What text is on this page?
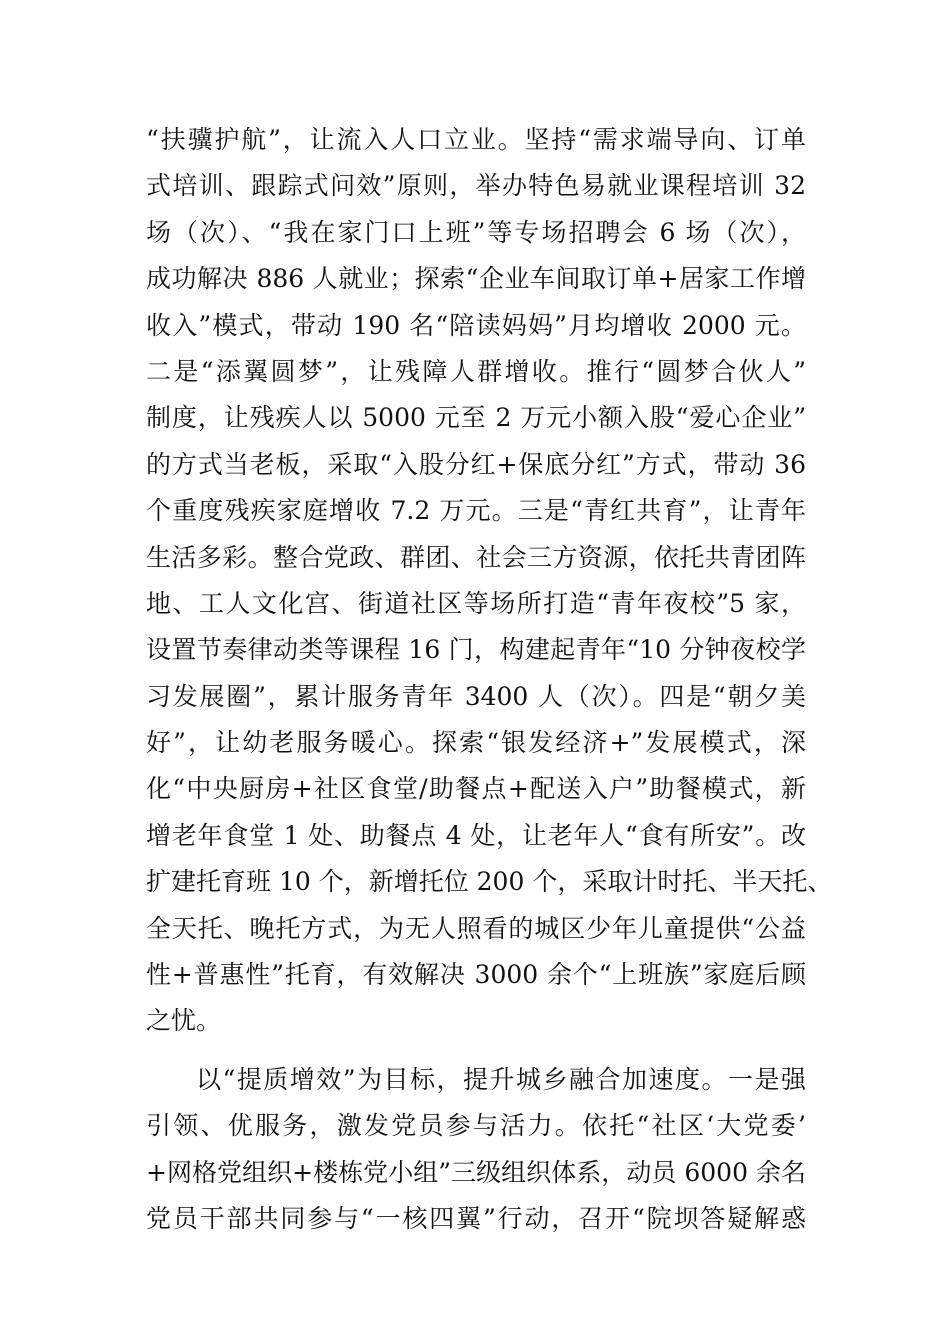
“扶骥护航”，让流入人口立业。坚持“需求端导向、订单
式培训、跟踪式问效”原则，举办特色易就业课程培训 32
场（次）、“我在家门口上班”等专场招聘会 6 场（次），
成功解决 886 人就业；探索“企业车间取订单+居家工作增
收入”模式，带动 190 名“陪读妈妈”月均增收 2000 元。
二是“添翼圆梦”，让残障人群增收。推行“圆梦合伙人”
制度，让残疾人以 5000 元至 2 万元小额入股“爱心企业”
的方式当老板，采取“入股分红+保底分红”方式，带动 36
个重度残疾家庭增收 7.2 万元。三是“青红共育”，让青年
生活多彩。整合党政、群团、社会三方资源，依托共青团阵
地、工人文化宫、街道社区等场所打造“青年夜校”5 家，
设置节奏律动类等课程 16 门，构建起青年“10 分钟夜校学
习发展圈”，累计服务青年 3400 人（次）。四是“朝夕美
好”，让幼老服务暖心。探索“银发经济+”发展模式，深
化“中央厨房+社区食堂/助餐点+配送入户”助餐模式，新
增老年食堂 1 处、助餐点 4 处，让老年人“食有所安”。改
扩建托育班 10 个，新增托位 200 个，采取计时托、半天托、
全天托、晚托方式，为无人照看的城区少年儿童提供“公益
性+普惠性”托育，有效解决 3000 余个“上班族”家庭后顾
之忧。
以“提质增效”为目标，提升城乡融合加速度。一是强
引领、优服务，激发党员参与活力。依托“社区‘大党委’
+网格党组织+楼栋党小组”三级组织体系，动员 6000 余名
党员干部共同参与“一核四翼”行动，召开“院坝答疑解惑
